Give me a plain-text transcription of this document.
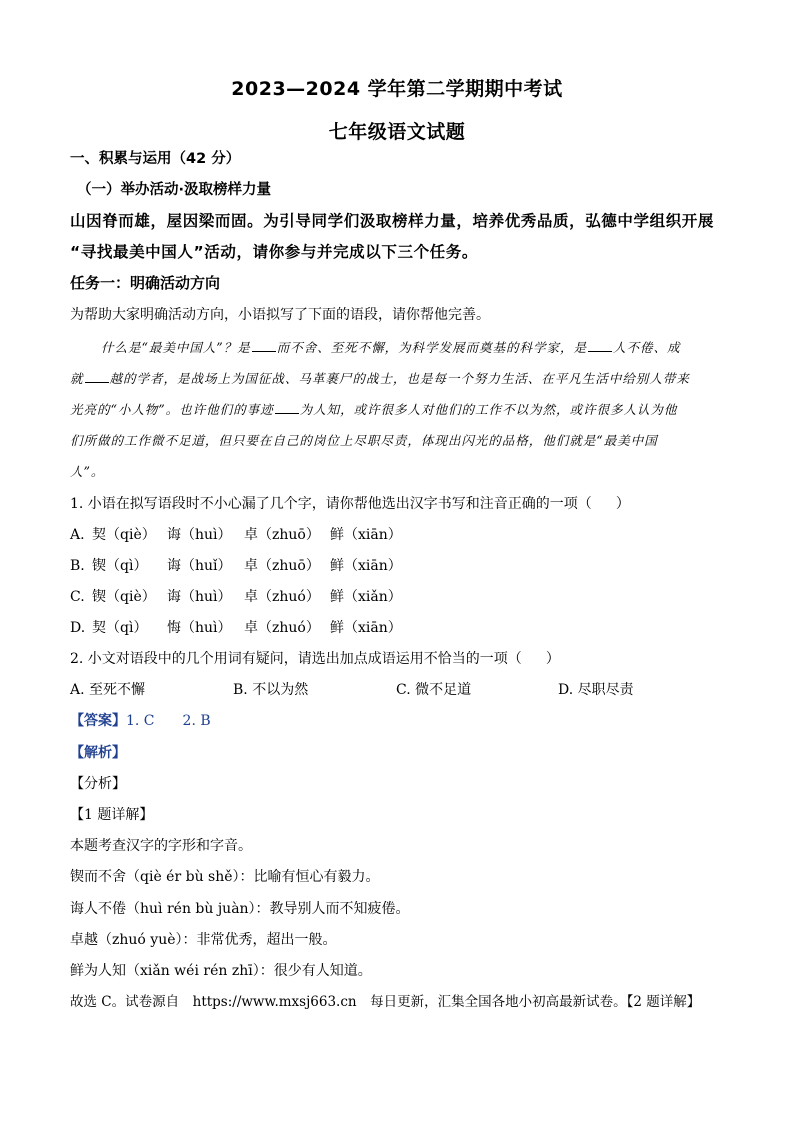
2023—2024 学年第二学期期中考试
七年级语文试题
一、积累与运用（42 分）
（一）举办活动·汲取榜样力量
山因脊而雄，屋因梁而固。为引导同学们汲取榜样力量，培养优秀品质，弘德中学组织开展
“寻找最美中国人”活动，请你参与并完成以下三个任务。
任务一：明确活动方向
为帮助大家明确活动方向，小语拟写了下面的语段，请你帮他完善。
什么是“最美中国人”？是 而不舍、至死不懈，为科学发展而奠基的科学家，是 人不倦、成
就 越的学者，是战场上为国征战、马革裹尸的战士，也是每一个努力生活、在平凡生活中给别人带来
光亮的“小人物”。也许他们的事迹 为人知，或许很多人对他们的工作不以为然，或许很多人认为他
们所做的工作微不足道，但只要在自己的岗位上尽职尽责，体现出闪光的品格，他们就是“最美中国
人”。
1. 小语在拟写语段时不小心漏了几个字，请你帮他选出汉字书写和注音正确的一项（ ）
A. 契（qiè） 诲（huì） 卓（zhuō） 鲜（xiān）
B. 锲（qì） 诲（huǐ） 卓（zhuō） 鲜（xiān）
C. 锲（qiè） 诲（huì） 卓（zhuó） 鲜（xiǎn）
D. 契（qì） 悔（huì） 卓（zhuó） 鲜（xiān）
2. 小文对语段中的几个用词有疑问，请选出加点成语运用不恰当的一项（ ）
A. 至死不懈	B. 不以为然	C. 微不足道	D. 尽职尽责
【答案】1. C 2. B
【解析】
【分析】
【1 题详解】
本题考查汉字的字形和字音。
锲而不舍（qiè ér bù shě）：比喻有恒心有毅力。
诲人不倦（huì rén bù juàn）：教导别人而不知疲倦。
卓越（zhuó yuè）：非常优秀，超出一般。
鲜为人知（xiǎn wéi rén zhī）：很少有人知道。
故选 C。试卷源自　https://www.mxsj663.cn　每日更新，汇集全国各地小初高最新试卷。【2 题详解】
